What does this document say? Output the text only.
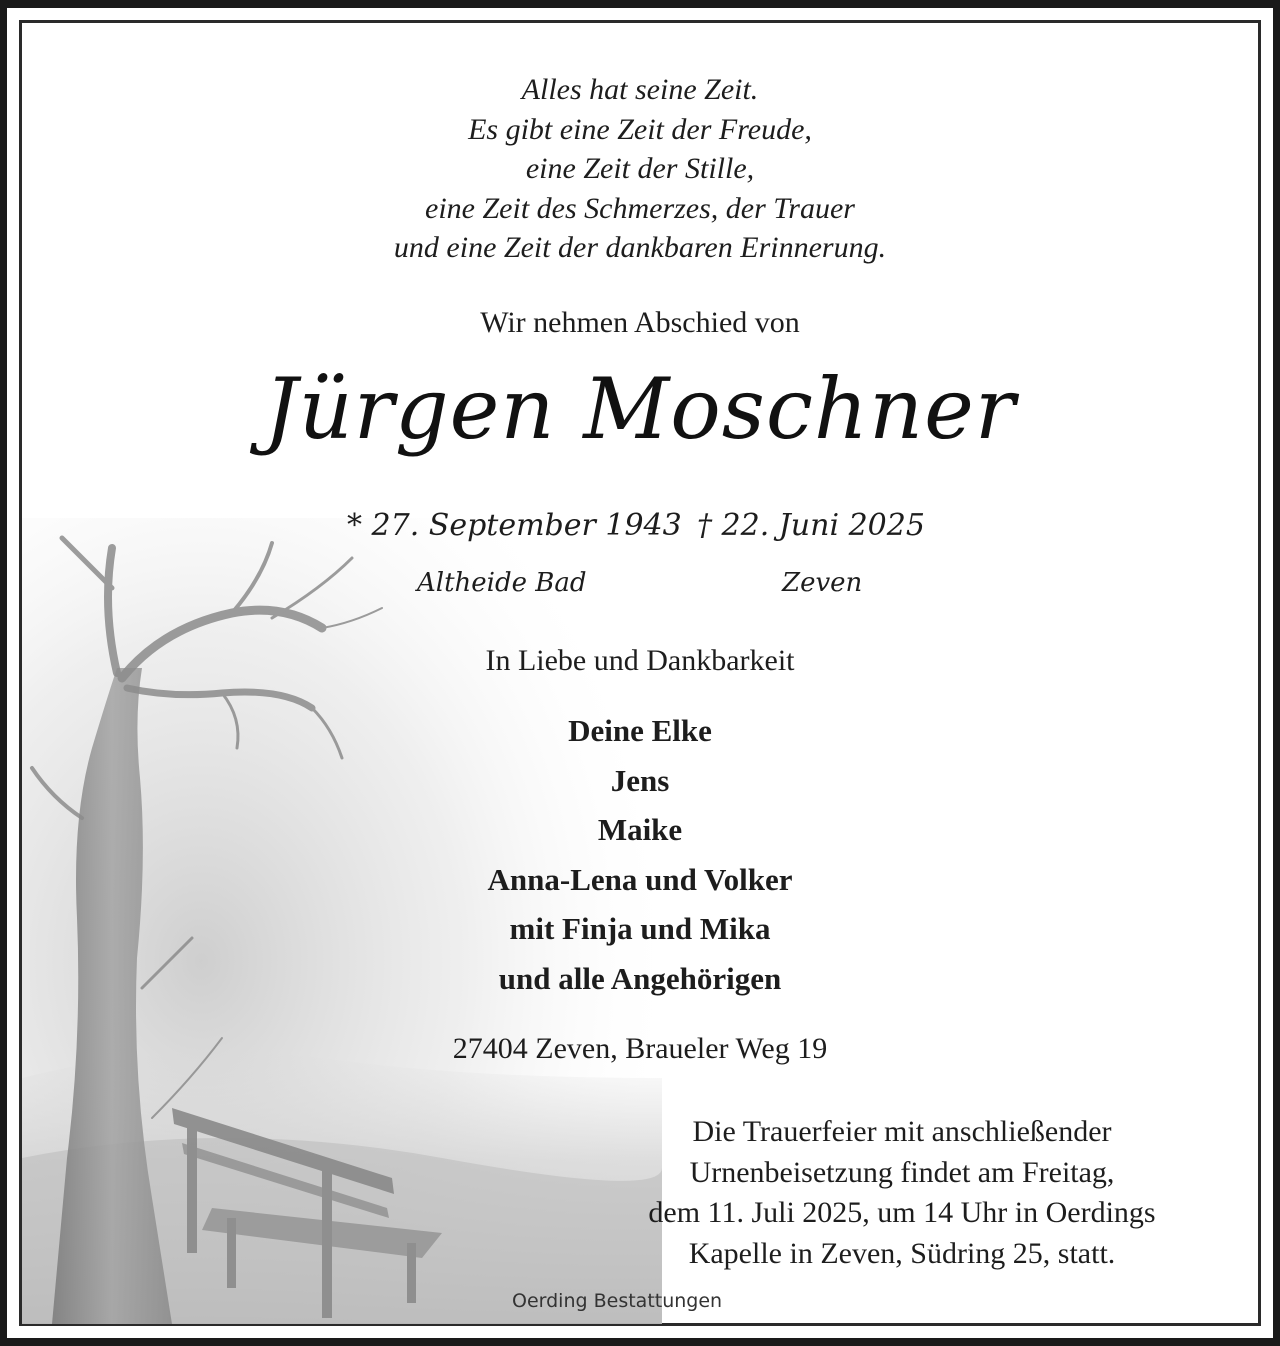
Alles hat seine Zeit.
Es gibt eine Zeit der Freude,
eine Zeit der Stille,
eine Zeit des Schmerzes, der Trauer
und eine Zeit der dankbaren Erinnerung.
Wir nehmen Abschied von
Jürgen Moschner
* 27. September 1943 † 22. Juni 2025
Altheide Bad	Zeven
In Liebe und Dankbarkeit
Deine Elke
Jens
Maike
Anna-Lena und Volker
mit Finja und Mika
und alle Angehörigen
27404 Zeven, Braueler Weg 19
Die Trauerfeier mit anschließender
Urnenbeisetzung findet am Freitag,
dem 11. Juli 2025, um 14 Uhr in Oerdings
Kapelle in Zeven, Südring 25, statt.
Oerding Bestattungen
